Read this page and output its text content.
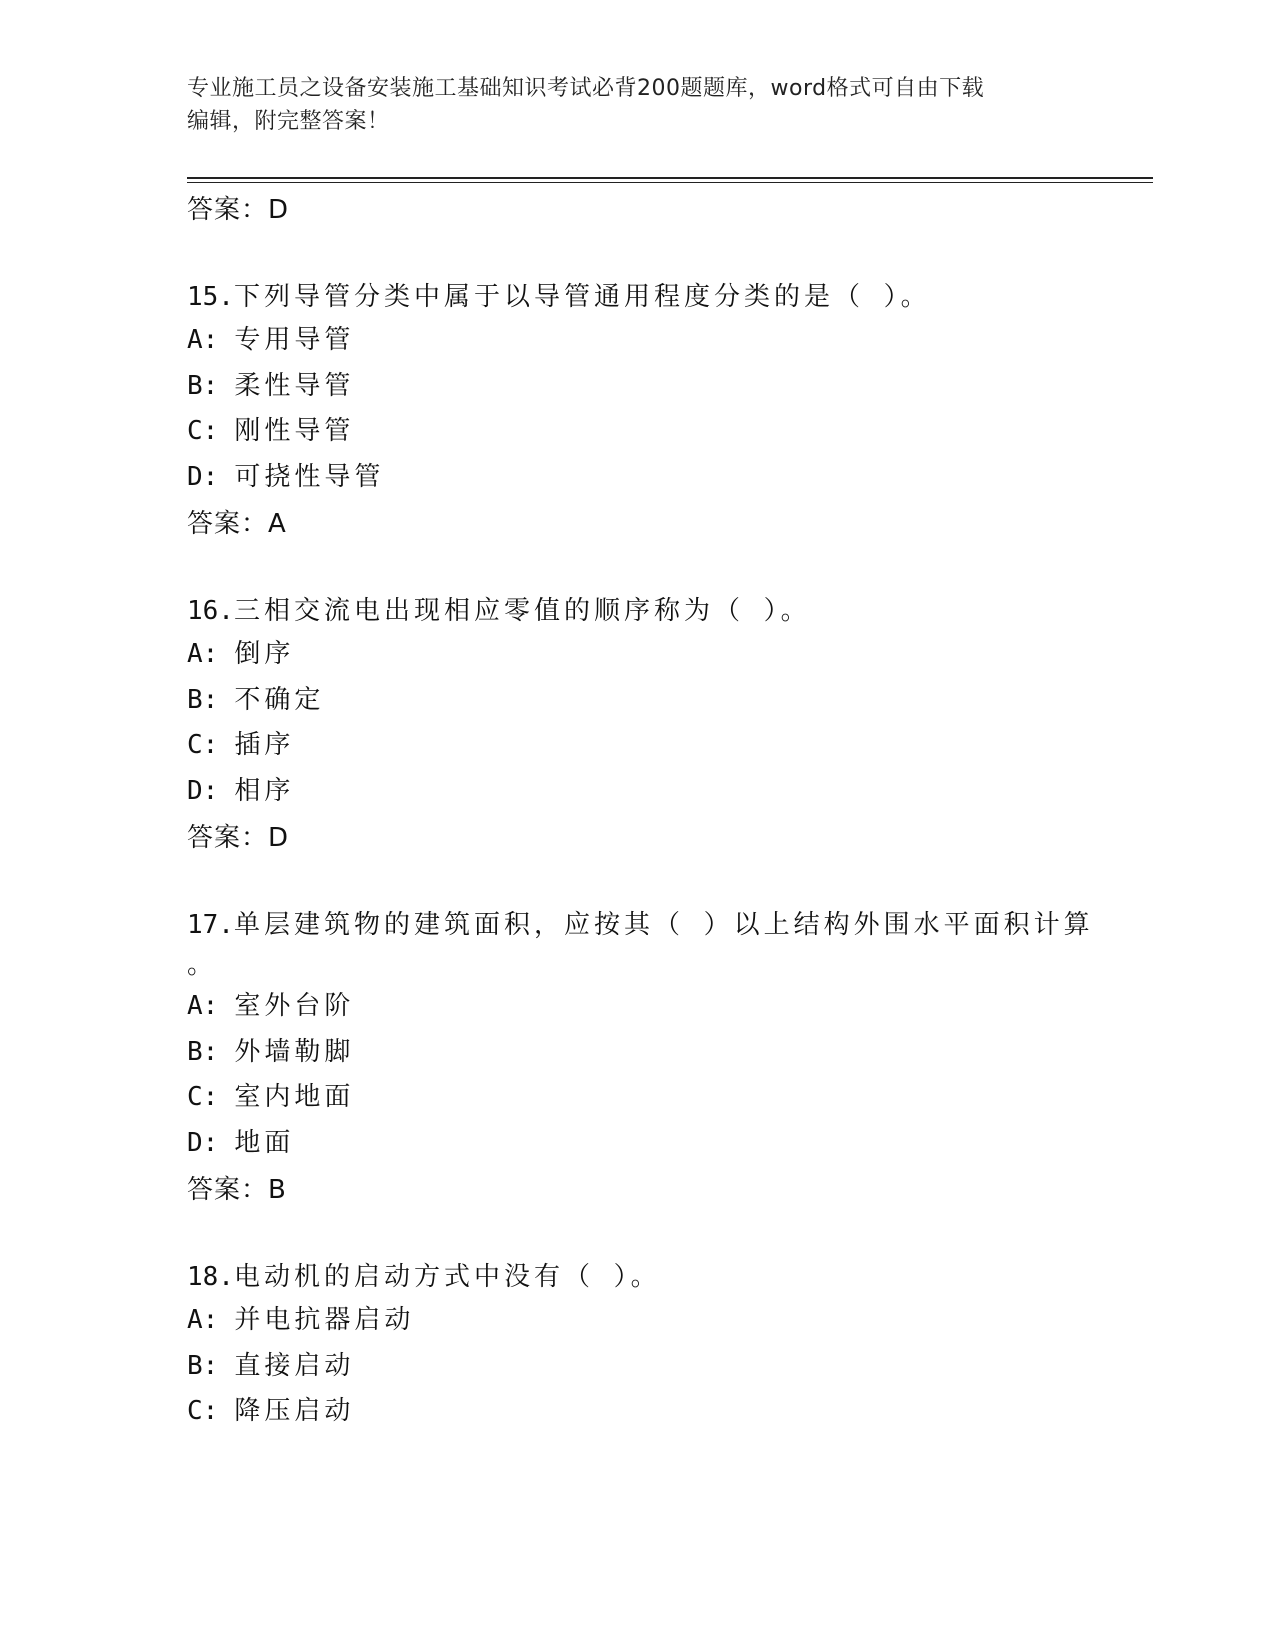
专业施工员之设备安装施工基础知识考试必背200题题库，word格式可自由下载
编辑，附完整答案！
答案：D
15.下列导管分类中属于以导管通用程度分类的是（ ）。
A: 专用导管
B: 柔性导管
C: 刚性导管
D: 可挠性导管
答案：A
16.三相交流电出现相应零值的顺序称为（ ）。
A: 倒序
B: 不确定
C: 插序
D: 相序
答案：D
17.单层建筑物的建筑面积，应按其（ ）以上结构外围水平面积计算
。
A: 室外台阶
B: 外墙勒脚
C: 室内地面
D: 地面
答案：B
18.电动机的启动方式中没有（ ）。
A: 并电抗器启动
B: 直接启动
C: 降压启动
